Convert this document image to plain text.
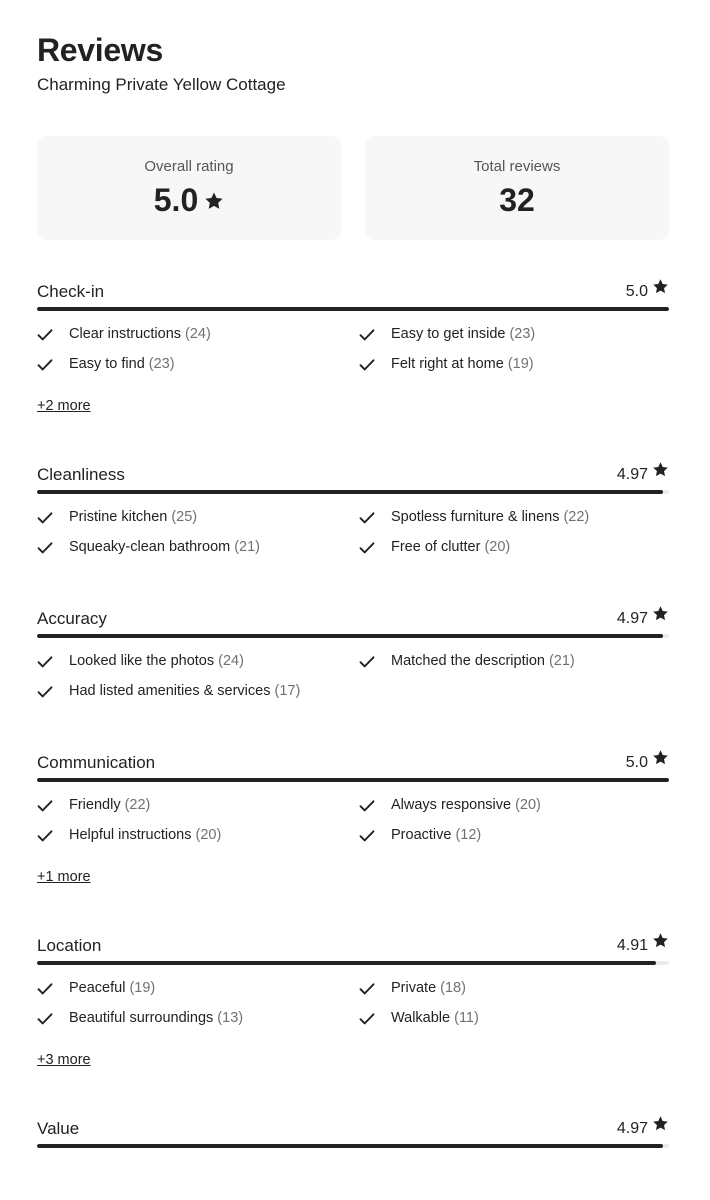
Reviews
Charming Private Yellow Cottage
Overall rating
5.0
Total reviews
32
Check-in	5.0
Clear instructions (24)	Easy to get inside (23)
Easy to find (23)	Felt right at home (19)
+2 more
Cleanliness	4.97
Pristine kitchen (25)	Spotless furniture & linens (22)
Squeaky-clean bathroom (21)	Free of clutter (20)
Accuracy	4.97
Looked like the photos (24)	Matched the description (21)
Had listed amenities & services (17)
Communication	5.0
Friendly (22)	Always responsive (20)
Helpful instructions (20)	Proactive (12)
+1 more
Location	4.91
Peaceful (19)	Private (18)
Beautiful surroundings (13)	Walkable (11)
+3 more
Value	4.97
